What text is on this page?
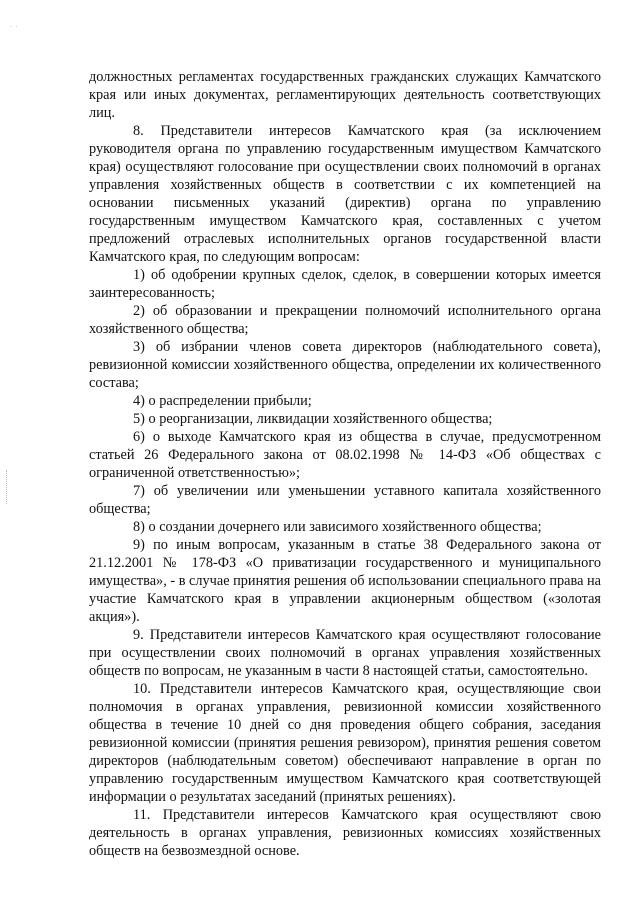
·  ·

должностных регламентах государственных гражданских служащих Камчатского края или иных документах, регламентирующих деятельность соответствующих лиц.

8. Представители интересов Камчатского края (за исключением руководителя органа по управлению государственным имуществом Камчатского края) осуществляют голосование при осуществлении своих полномочий в органах управления хозяйственных обществ в соответствии с их компетенцией на основании письменных указаний (директив) органа по управлению государственным имуществом Камчатского края, составленных с учетом предложений отраслевых исполнительных органов государственной власти Камчатского края, по следующим вопросам:

1) об одобрении крупных сделок, сделок, в совершении которых имеется заинтересованность;

2) об образовании и прекращении полномочий исполнительного органа хозяйственного общества;

3) об избрании членов совета директоров (наблюдательного совета), ревизионной комиссии хозяйственного общества, определении их количественного состава;

4) о распределении прибыли;

5) о реорганизации, ликвидации хозяйственного общества;

6) о выходе Камчатского края из общества в случае, предусмотренном статьей 26 Федерального закона от 08.02.1998 № 14-ФЗ «Об обществах с ограниченной ответственностью»;

7) об увеличении или уменьшении уставного капитала хозяйственного общества;

8) о создании дочернего или зависимого хозяйственного общества;

9) по иным вопросам, указанным в статье 38 Федерального закона от 21.12.2001 № 178-ФЗ «О приватизации государственного и муниципального имущества», - в случае принятия решения об использовании специального права на участие Камчатского края в управлении акционерным обществом («золотая акция»).

9. Представители интересов Камчатского края осуществляют голосование при осуществлении своих полномочий в органах управления хозяйственных обществ по вопросам, не указанным в части 8 настоящей статьи, самостоятельно.

10. Представители интересов Камчатского края, осуществляющие свои полномочия в органах управления, ревизионной комиссии хозяйственного общества в течение 10 дней со дня проведения общего собрания, заседания ревизионной комиссии (принятия решения ревизором), принятия решения советом директоров (наблюдательным советом) обеспечивают направление в орган по управлению государственным имуществом Камчатского края соответствующей информации о результатах заседаний (принятых решениях).

11. Представители интересов Камчатского края осуществляют свою деятельность в органах управления, ревизионных комиссиях хозяйственных обществ на безвозмездной основе.
